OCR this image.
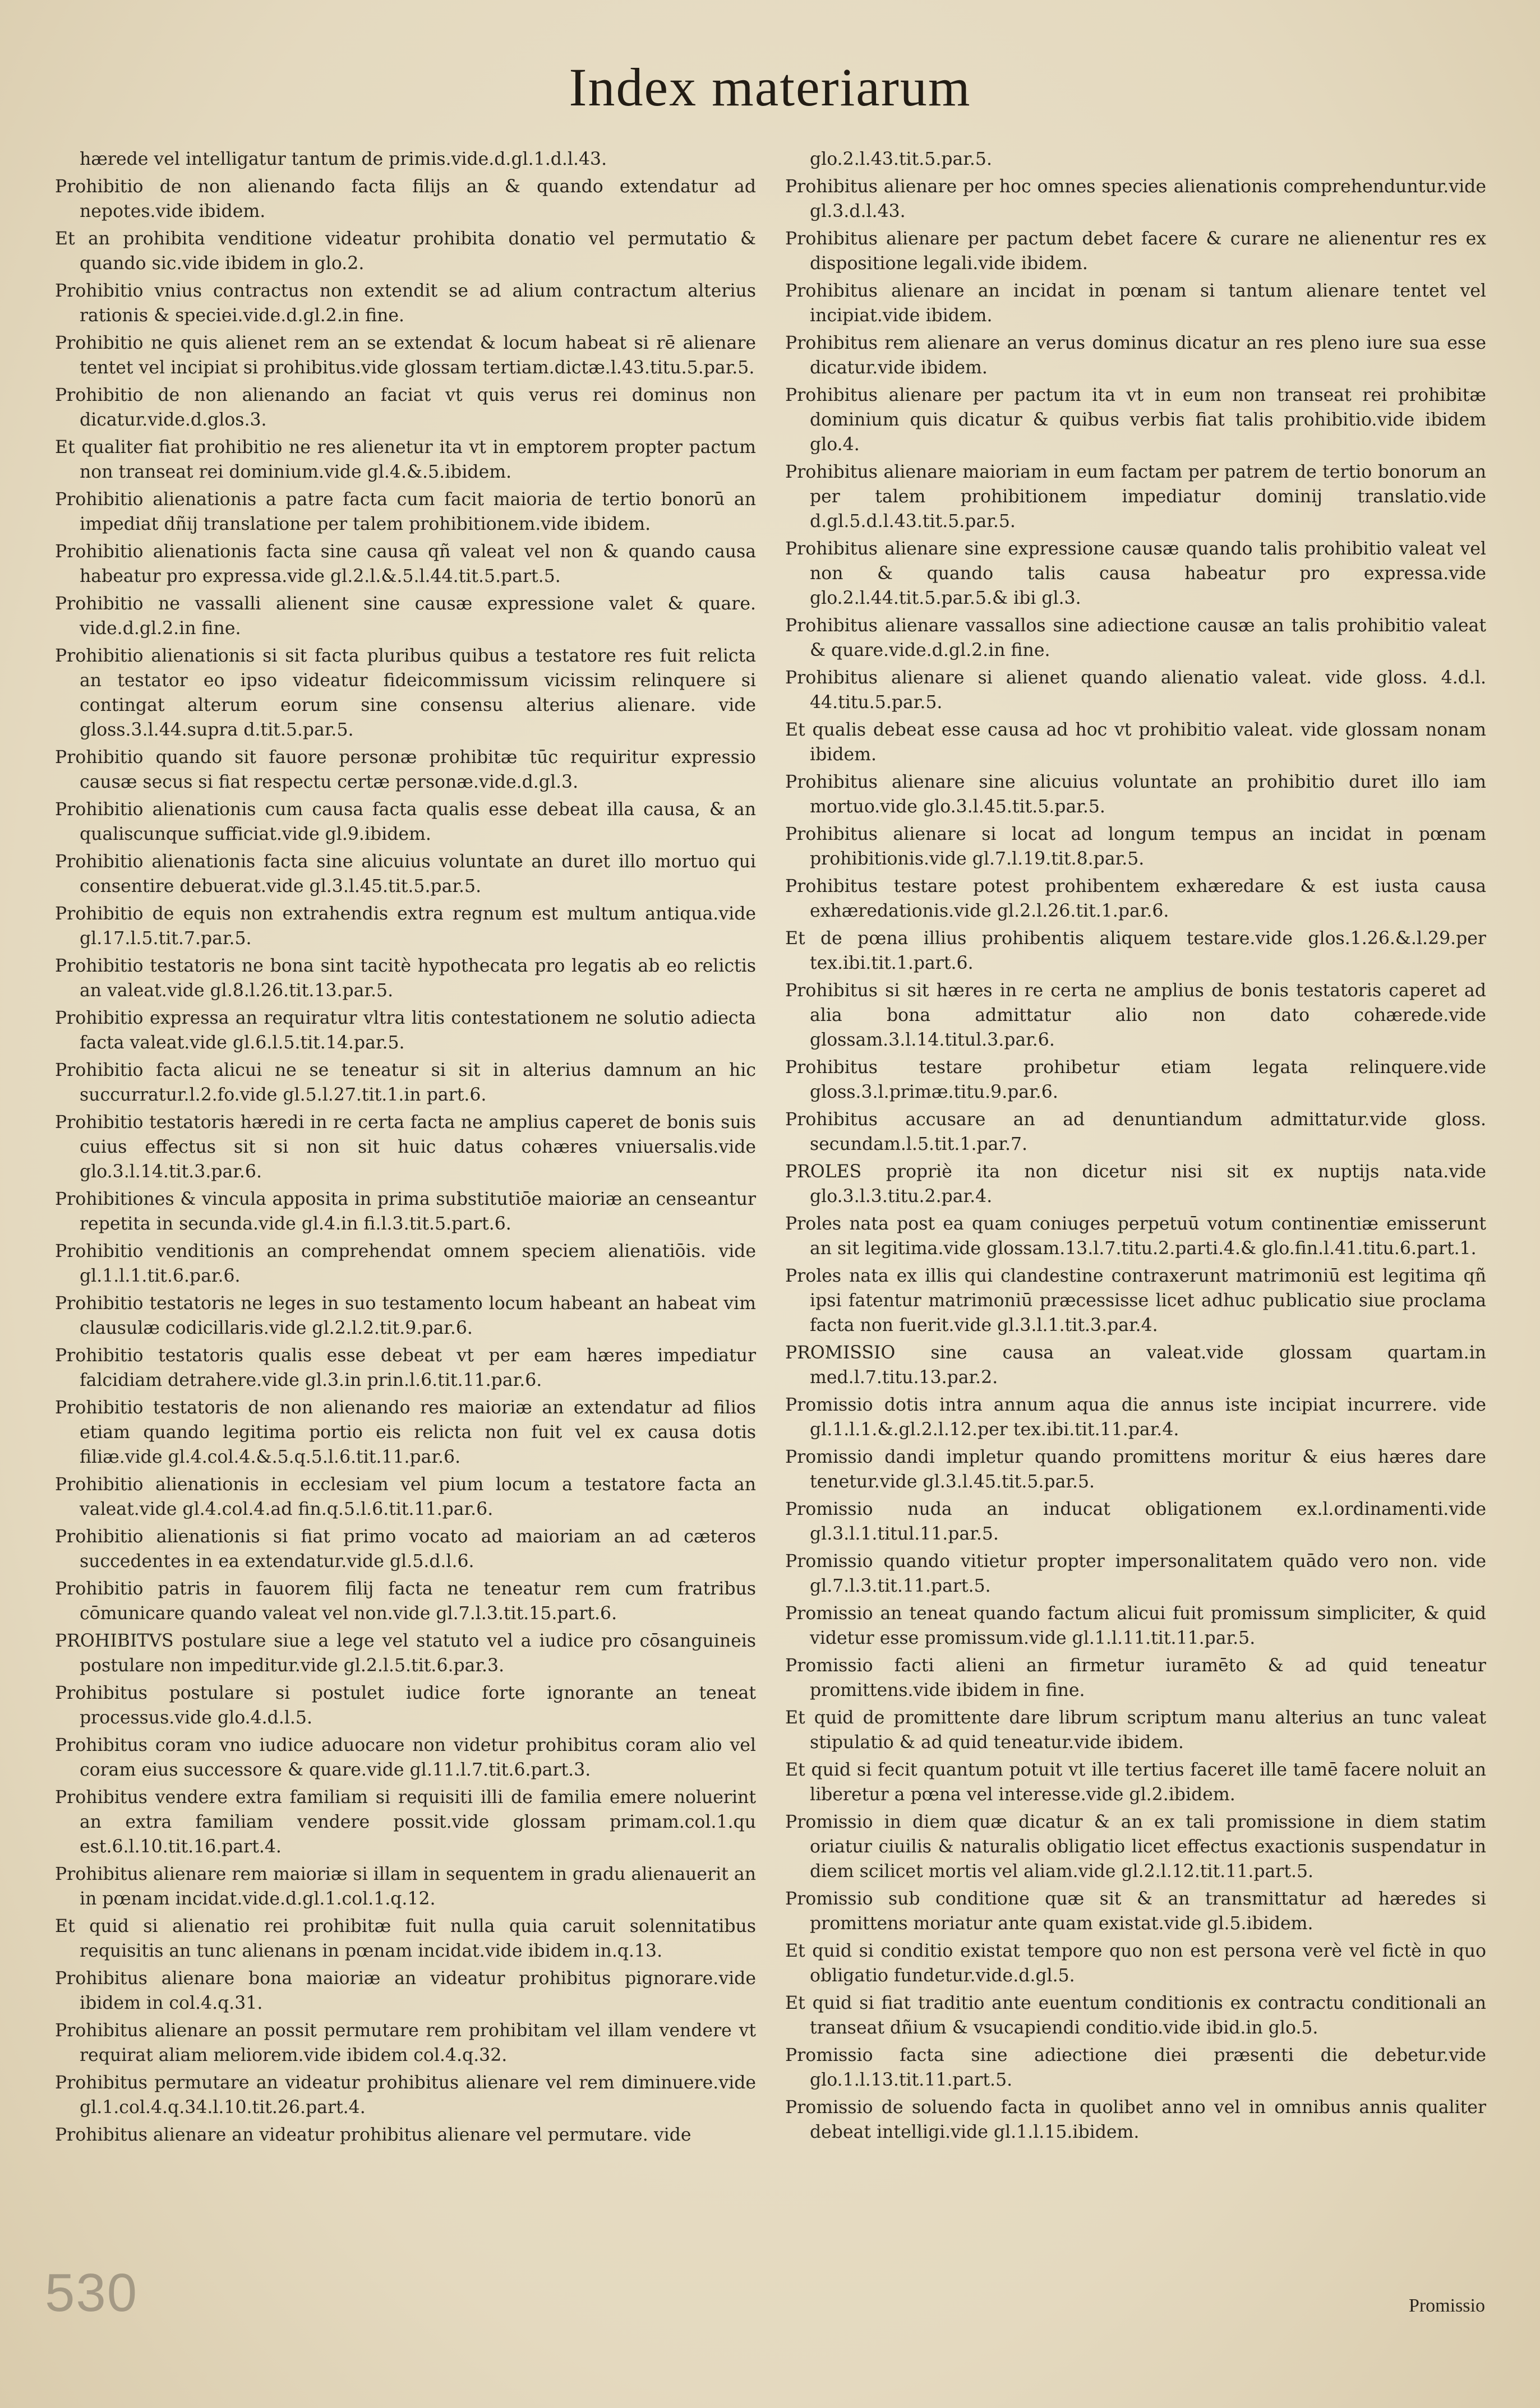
Index materiarum

hærede vel intelligatur tantum de primis.vide.d.gl.1.d.l.43.

Prohibitio de non alienando facta filijs an & quando extendatur ad nepotes.vide ibidem.

Et an prohibita venditione videatur prohibita donatio vel permutatio & quando sic.vide ibidem in glo.2.

Prohibitio vnius contractus non extendit se ad alium contractum alterius rationis & speciei.vide.d.gl.2.in fine.

Prohibitio ne quis alienet rem an se extendat & locum habeat si rē alienare tentet vel incipiat si prohibitus.vide glossam tertiam.dictæ.l.43.titu.5.par.5.

Prohibitio de non alienando an faciat vt quis verus rei dominus non dicatur.vide.d.glos.3.

Et qualiter fiat prohibitio ne res alienetur ita vt in emptorem propter pactum non transeat rei dominium.vide gl.4.&.5.ibidem.

Prohibitio alienationis a patre facta cum facit maioria de tertio bonorū an impediat dñij translatione per talem prohibitionem.vide ibidem.

Prohibitio alienationis facta sine causa qñ valeat vel non & quando causa habeatur pro expressa.vide gl.2.l.&.5.l.44.tit.5.part.5.

Prohibitio ne vassalli alienent sine causæ expressione valet & quare. vide.d.gl.2.in fine.

Prohibitio alienationis si sit facta pluribus quibus a testatore res fuit relicta an testator eo ipso videatur fideicommissum vicissim relinquere si contingat alterum eorum sine consensu alterius alienare. vide gloss.3.l.44.supra d.tit.5.par.5.

Prohibitio quando sit fauore personæ prohibitæ tūc requiritur expressio causæ secus si fiat respectu certæ personæ.vide.d.gl.3.

Prohibitio alienationis cum causa facta qualis esse debeat illa causa, & an qualiscunque sufficiat.vide gl.9.ibidem.

Prohibitio alienationis facta sine alicuius voluntate an duret illo mortuo qui consentire debuerat.vide gl.3.l.45.tit.5.par.5.

Prohibitio de equis non extrahendis extra regnum est multum antiqua.vide gl.17.l.5.tit.7.par.5.

Prohibitio testatoris ne bona sint tacitè hypothecata pro legatis ab eo relictis an valeat.vide gl.8.l.26.tit.13.par.5.

Prohibitio expressa an requiratur vltra litis contestationem ne solutio adiecta facta valeat.vide gl.6.l.5.tit.14.par.5.

Prohibitio facta alicui ne se teneatur si sit in alterius damnum an hic succurratur.l.2.fo.vide gl.5.l.27.tit.1.in part.6.

Prohibitio testatoris hæredi in re certa facta ne amplius caperet de bonis suis cuius effectus sit si non sit huic datus cohæres vniuersalis.vide glo.3.l.14.tit.3.par.6.

Prohibitiones & vincula apposita in prima substitutiōe maioriæ an censeantur repetita in secunda.vide gl.4.in fi.l.3.tit.5.part.6.

Prohibitio venditionis an comprehendat omnem speciem alienatiōis. vide gl.1.l.1.tit.6.par.6.

Prohibitio testatoris ne leges in suo testamento locum habeant an habeat vim clausulæ codicillaris.vide gl.2.l.2.tit.9.par.6.

Prohibitio testatoris qualis esse debeat vt per eam hæres impediatur falcidiam detrahere.vide gl.3.in prin.l.6.tit.11.par.6.

Prohibitio testatoris de non alienando res maioriæ an extendatur ad filios etiam quando legitima portio eis relicta non fuit vel ex causa dotis filiæ.vide gl.4.col.4.&.5.q.5.l.6.tit.11.par.6.

Prohibitio alienationis in ecclesiam vel pium locum a testatore facta an valeat.vide gl.4.col.4.ad fin.q.5.l.6.tit.11.par.6.

Prohibitio alienationis si fiat primo vocato ad maioriam an ad cæteros succedentes in ea extendatur.vide gl.5.d.l.6.

Prohibitio patris in fauorem filij facta ne teneatur rem cum fratribus cōmunicare quando valeat vel non.vide gl.7.l.3.tit.15.part.6.

PROHIBITVS postulare siue a lege vel statuto vel a iudice pro cōsanguineis postulare non impeditur.vide gl.2.l.5.tit.6.par.3.

Prohibitus postulare si postulet iudice forte ignorante an teneat processus.vide glo.4.d.l.5.

Prohibitus coram vno iudice aduocare non videtur prohibitus coram alio vel coram eius successore & quare.vide gl.11.l.7.tit.6.part.3.

Prohibitus vendere extra familiam si requisiti illi de familia emere noluerint an extra familiam vendere possit.vide glossam primam.col.1.qu est.6.l.10.tit.16.part.4.

Prohibitus alienare rem maioriæ si illam in sequentem in gradu alienauerit an in pœnam incidat.vide.d.gl.1.col.1.q.12.

Et quid si alienatio rei prohibitæ fuit nulla quia caruit solennitatibus requisitis an tunc alienans in pœnam incidat.vide ibidem in.q.13.

Prohibitus alienare bona maioriæ an videatur prohibitus pignorare.vide ibidem in col.4.q.31.

Prohibitus alienare an possit permutare rem prohibitam vel illam vendere vt requirat aliam meliorem.vide ibidem col.4.q.32.

Prohibitus permutare an videatur prohibitus alienare vel rem diminuere.vide gl.1.col.4.q.34.l.10.tit.26.part.4.

Prohibitus alienare an videatur prohibitus alienare vel permutare. vide

glo.2.l.43.tit.5.par.5.

Prohibitus alienare per hoc omnes species alienationis comprehenduntur.vide gl.3.d.l.43.

Prohibitus alienare per pactum debet facere & curare ne alienentur res ex dispositione legali.vide ibidem.

Prohibitus alienare an incidat in pœnam si tantum alienare tentet vel incipiat.vide ibidem.

Prohibitus rem alienare an verus dominus dicatur an res pleno iure sua esse dicatur.vide ibidem.

Prohibitus alienare per pactum ita vt in eum non transeat rei prohibitæ dominium quis dicatur & quibus verbis fiat talis prohibitio.vide ibidem glo.4.

Prohibitus alienare maioriam in eum factam per patrem de tertio bonorum an per talem prohibitionem impediatur dominij translatio.vide d.gl.5.d.l.43.tit.5.par.5.

Prohibitus alienare sine expressione causæ quando talis prohibitio valeat vel non & quando talis causa habeatur pro expressa.vide glo.2.l.44.tit.5.par.5.& ibi gl.3.

Prohibitus alienare vassallos sine adiectione causæ an talis prohibitio valeat & quare.vide.d.gl.2.in fine.

Prohibitus alienare si alienet quando alienatio valeat. vide gloss. 4.d.l. 44.titu.5.par.5.

Et qualis debeat esse causa ad hoc vt prohibitio valeat. vide glossam nonam ibidem.

Prohibitus alienare sine alicuius voluntate an prohibitio duret illo iam mortuo.vide glo.3.l.45.tit.5.par.5.

Prohibitus alienare si locat ad longum tempus an incidat in pœnam prohibitionis.vide gl.7.l.19.tit.8.par.5.

Prohibitus testare potest prohibentem exhæredare & est iusta causa exhæredationis.vide gl.2.l.26.tit.1.par.6.

Et de pœna illius prohibentis aliquem testare.vide glos.1.26.&.l.29.per tex.ibi.tit.1.part.6.

Prohibitus si sit hæres in re certa ne amplius de bonis testatoris caperet ad alia bona admittatur alio non dato cohærede.vide glossam.3.l.14.titul.3.par.6.

Prohibitus testare prohibetur etiam legata relinquere.vide gloss.3.l.primæ.titu.9.par.6.

Prohibitus accusare an ad denuntiandum admittatur.vide gloss. secundam.l.5.tit.1.par.7.

PROLES propriè ita non dicetur nisi sit ex nuptijs nata.vide glo.3.l.3.titu.2.par.4.

Proles nata post ea quam coniuges perpetuū votum continentiæ emisserunt an sit legitima.vide glossam.13.l.7.titu.2.parti.4.& glo.fin.l.41.titu.6.part.1.

Proles nata ex illis qui clandestine contraxerunt matrimoniū est legitima qñ ipsi fatentur matrimoniū præcessisse licet adhuc publicatio siue proclama facta non fuerit.vide gl.3.l.1.tit.3.par.4.

PROMISSIO sine causa an valeat.vide glossam quartam.in med.l.7.titu.13.par.2.

Promissio dotis intra annum aqua die annus iste incipiat incurrere. vide gl.1.l.1.&.gl.2.l.12.per tex.ibi.tit.11.par.4.

Promissio dandi impletur quando promittens moritur & eius hæres dare tenetur.vide gl.3.l.45.tit.5.par.5.

Promissio nuda an inducat obligationem ex.l.ordinamenti.vide gl.3.l.1.titul.11.par.5.

Promissio quando vitietur propter impersonalitatem quādo vero non. vide gl.7.l.3.tit.11.part.5.

Promissio an teneat quando factum alicui fuit promissum simpliciter, & quid videtur esse promissum.vide gl.1.l.11.tit.11.par.5.

Promissio facti alieni an firmetur iuramēto & ad quid teneatur promittens.vide ibidem in fine.

Et quid de promittente dare librum scriptum manu alterius an tunc valeat stipulatio & ad quid teneatur.vide ibidem.

Et quid si fecit quantum potuit vt ille tertius faceret ille tamē facere noluit an liberetur a pœna vel interesse.vide gl.2.ibidem.

Promissio in diem quæ dicatur & an ex tali promissione in diem statim oriatur ciuilis & naturalis obligatio licet effectus exactionis suspendatur in diem scilicet mortis vel aliam.vide gl.2.l.12.tit.11.part.5.

Promissio sub conditione quæ sit & an transmittatur ad hæredes si promittens moriatur ante quam existat.vide gl.5.ibidem.

Et quid si conditio existat tempore quo non est persona verè vel fictè in quo obligatio fundetur.vide.d.gl.5.

Et quid si fiat traditio ante euentum conditionis ex contractu conditionali an transeat dñium & vsucapiendi conditio.vide ibid.in glo.5.

Promissio facta sine adiectione diei præsenti die debetur.vide glo.1.l.13.tit.11.part.5.

Promissio de soluendo facta in quolibet anno vel in omnibus annis qualiter debeat intelligi.vide gl.1.l.15.ibidem.

Promissio
530
